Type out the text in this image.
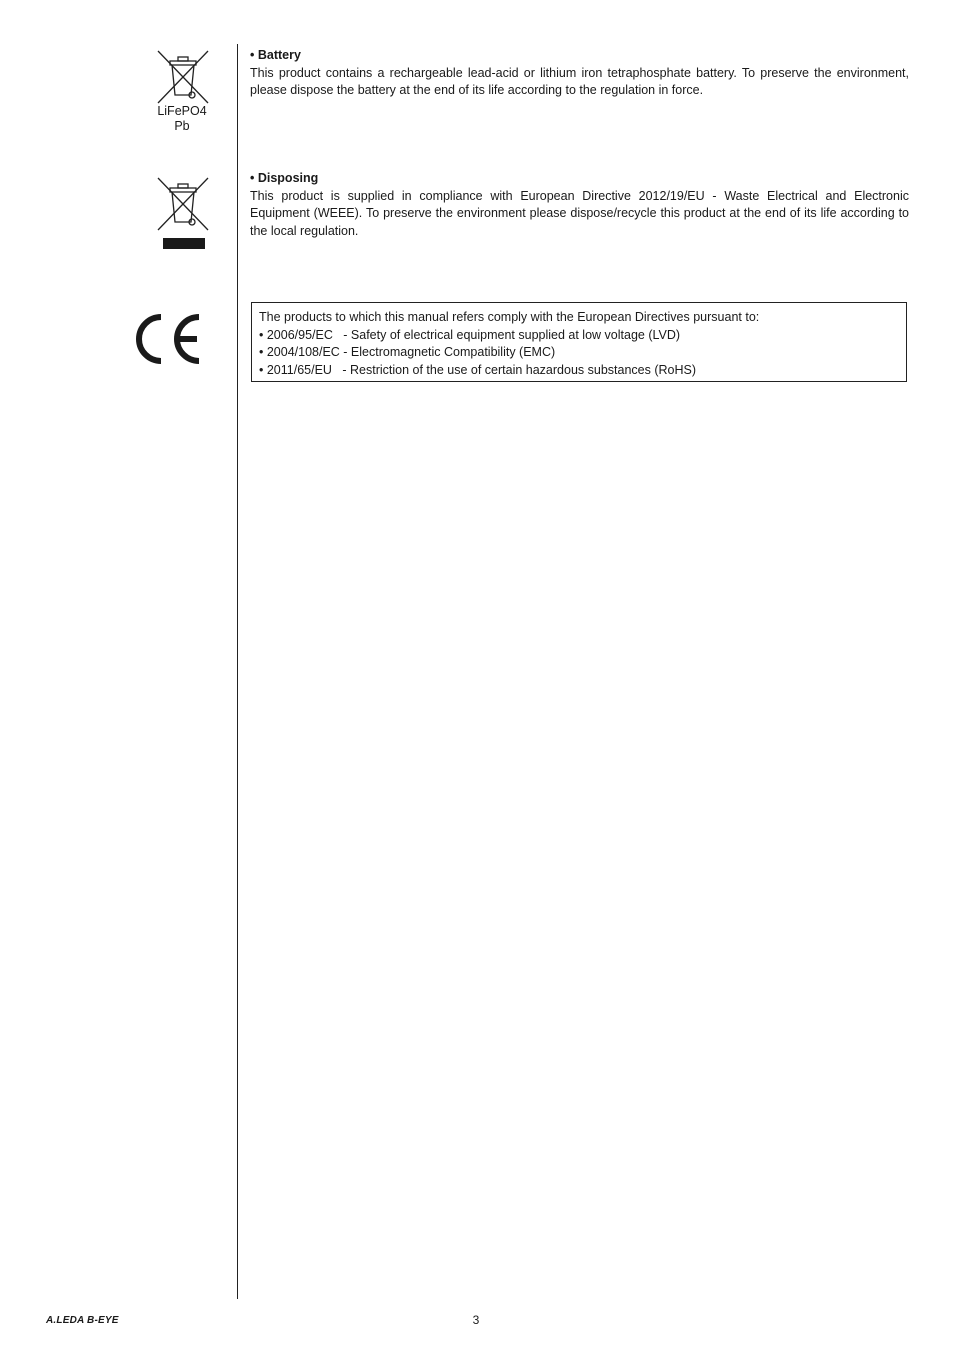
LiFePO4
Pb
• Battery
This product contains a rechargeable lead-acid or lithium iron tetraphosphate battery. To preserve the environment, please dispose the battery at the end of its life according to the regulation in force.
• Disposing
This product is supplied in compliance with European Directive 2012/19/EU - Waste Electrical and Electronic Equipment (WEEE). To preserve the environment please dispose/recycle this product at the end of its life according to the local regulation.
The products to which this manual refers comply with the European Directives pursuant to:
• 2006/95/EC   - Safety of electrical equipment supplied at low voltage (LVD)
• 2004/108/EC - Electromagnetic Compatibility (EMC)
• 2011/65/EU   - Restriction of the use of certain hazardous substances (RoHS)
A.LEDA B-EYE	3
